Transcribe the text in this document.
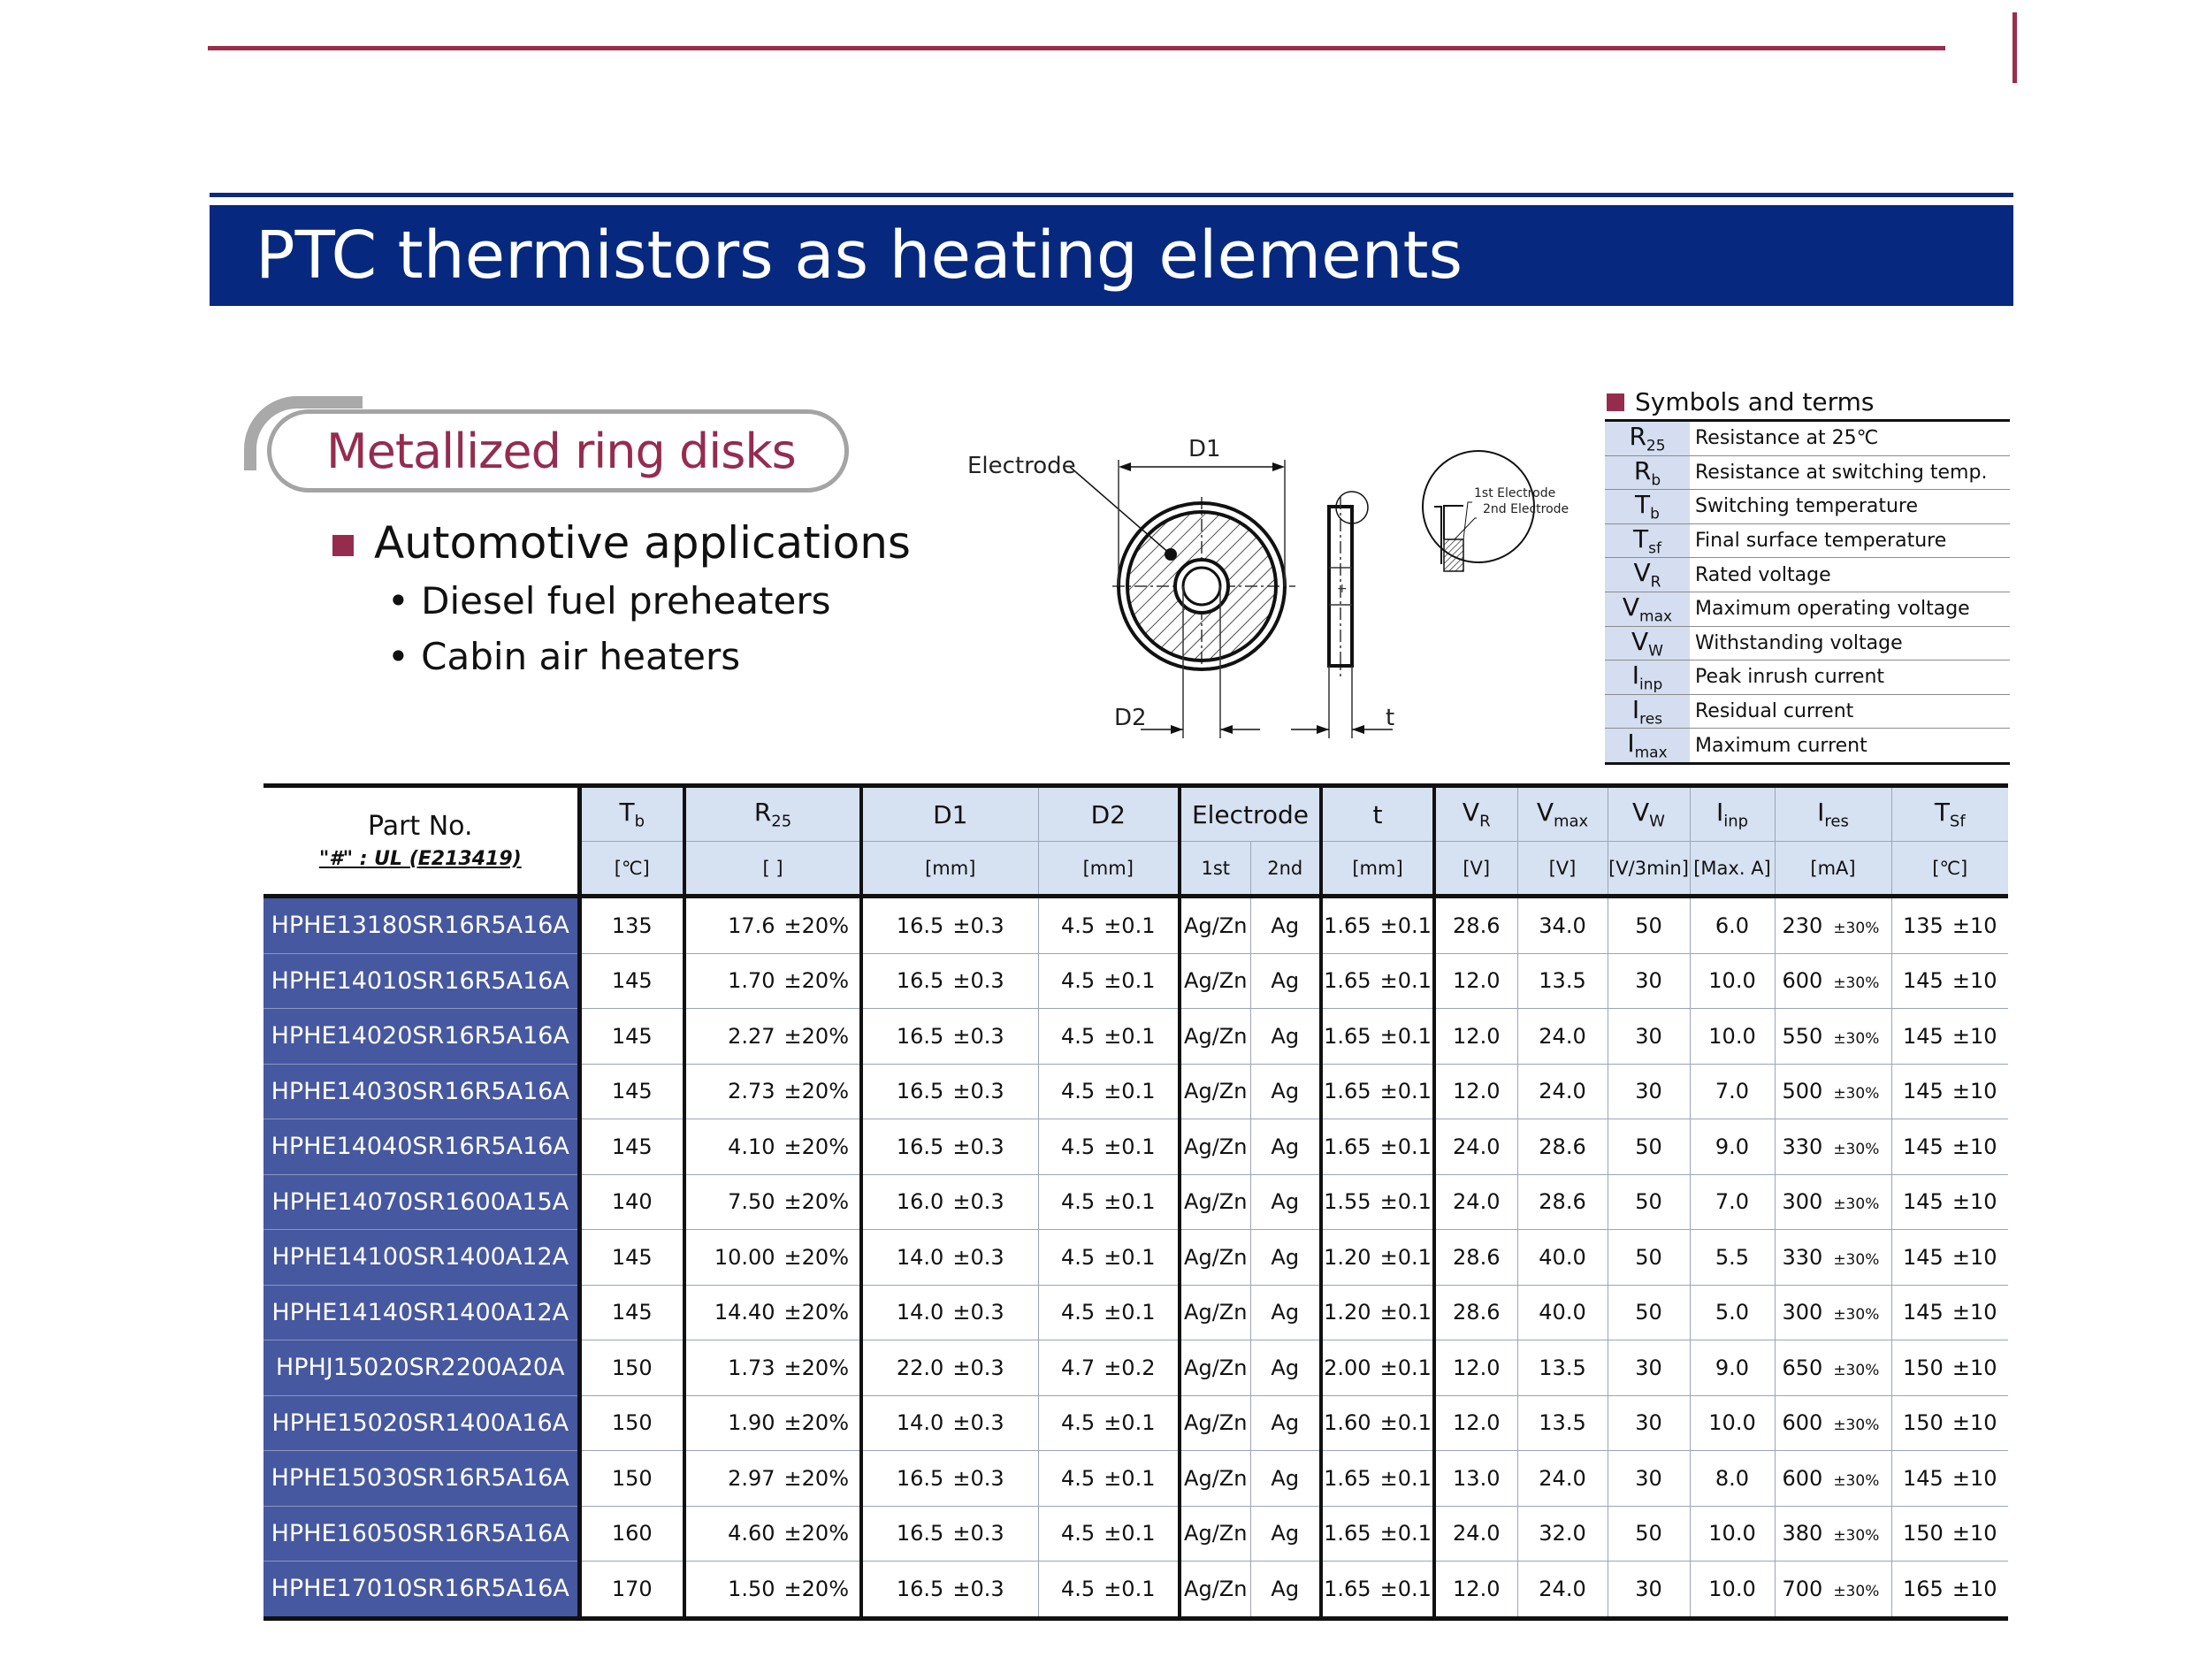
PTC thermistors as heating elements
Metallized ring disks
Automotive applications
• Diesel fuel preheaters
• Cabin air heaters
+
Electrode
D1
D2	t
1st Electrode
2nd Electrode
Symbols and terms
$R_{25}$	Resistance at 25℃
$R_b$	Resistance at switching temp.
$T_b$	Switching temperature
$T_{sf}$	Final surface temperature
$V_R$	Rated voltage
$V_{max}$	Maximum operating voltage
$V_W$	Withstanding voltage
$I_{inp}$	Peak inrush current
$I_{res}$	Residual current
$I_{max}$	Maximum current
Part No.
"#" : UL (E213419)	$T_b$	$R_{25}$	D1	D2	Electrode		t	$V_R$	$V_{max}$	$V_W$	$I_{inp}$	$I_{res}$	$T_{Sf}$
	[℃]	[ ]	[mm]	[mm]	1st	2nd	[mm]	[V]	[V]	[V/3min]	[Max. A]	[mA]	[℃]
HPHE13180SR16R5A16A	135	17.6 ±20%	16.5 ±0.3	4.5 ±0.1	Ag/Zn	Ag	1.65 ±0.1	28.6	34.0	50	6.0	230 ±30%	135 ±10
HPHE14010SR16R5A16A	145	1.70 ±20%	16.5 ±0.3	4.5 ±0.1	Ag/Zn	Ag	1.65 ±0.1	12.0	13.5	30	10.0	600 ±30%	145 ±10
HPHE14020SR16R5A16A	145	2.27 ±20%	16.5 ±0.3	4.5 ±0.1	Ag/Zn	Ag	1.65 ±0.1	12.0	24.0	30	10.0	550 ±30%	145 ±10
HPHE14030SR16R5A16A	145	2.73 ±20%	16.5 ±0.3	4.5 ±0.1	Ag/Zn	Ag	1.65 ±0.1	12.0	24.0	30	7.0	500 ±30%	145 ±10
HPHE14040SR16R5A16A	145	4.10 ±20%	16.5 ±0.3	4.5 ±0.1	Ag/Zn	Ag	1.65 ±0.1	24.0	28.6	50	9.0	330 ±30%	145 ±10
HPHE14070SR1600A15A	140	7.50 ±20%	16.0 ±0.3	4.5 ±0.1	Ag/Zn	Ag	1.55 ±0.1	24.0	28.6	50	7.0	300 ±30%	145 ±10
HPHE14100SR1400A12A	145	10.00 ±20%	14.0 ±0.3	4.5 ±0.1	Ag/Zn	Ag	1.20 ±0.1	28.6	40.0	50	5.5	330 ±30%	145 ±10
HPHE14140SR1400A12A	145	14.40 ±20%	14.0 ±0.3	4.5 ±0.1	Ag/Zn	Ag	1.20 ±0.1	28.6	40.0	50	5.0	300 ±30%	145 ±10
HPHJ15020SR2200A20A	150	1.73 ±20%	22.0 ±0.3	4.7 ±0.2	Ag/Zn	Ag	2.00 ±0.1	12.0	13.5	30	9.0	650 ±30%	150 ±10
HPHE15020SR1400A16A	150	1.90 ±20%	14.0 ±0.3	4.5 ±0.1	Ag/Zn	Ag	1.60 ±0.1	12.0	13.5	30	10.0	600 ±30%	150 ±10
HPHE15030SR16R5A16A	150	2.97 ±20%	16.5 ±0.3	4.5 ±0.1	Ag/Zn	Ag	1.65 ±0.1	13.0	24.0	30	8.0	600 ±30%	145 ±10
HPHE16050SR16R5A16A	160	4.60 ±20%	16.5 ±0.3	4.5 ±0.1	Ag/Zn	Ag	1.65 ±0.1	24.0	32.0	50	10.0	380 ±30%	150 ±10
HPHE17010SR16R5A16A	170	1.50 ±20%	16.5 ±0.3	4.5 ±0.1	Ag/Zn	Ag	1.65 ±0.1	12.0	24.0	30	10.0	700 ±30%	165 ±10
